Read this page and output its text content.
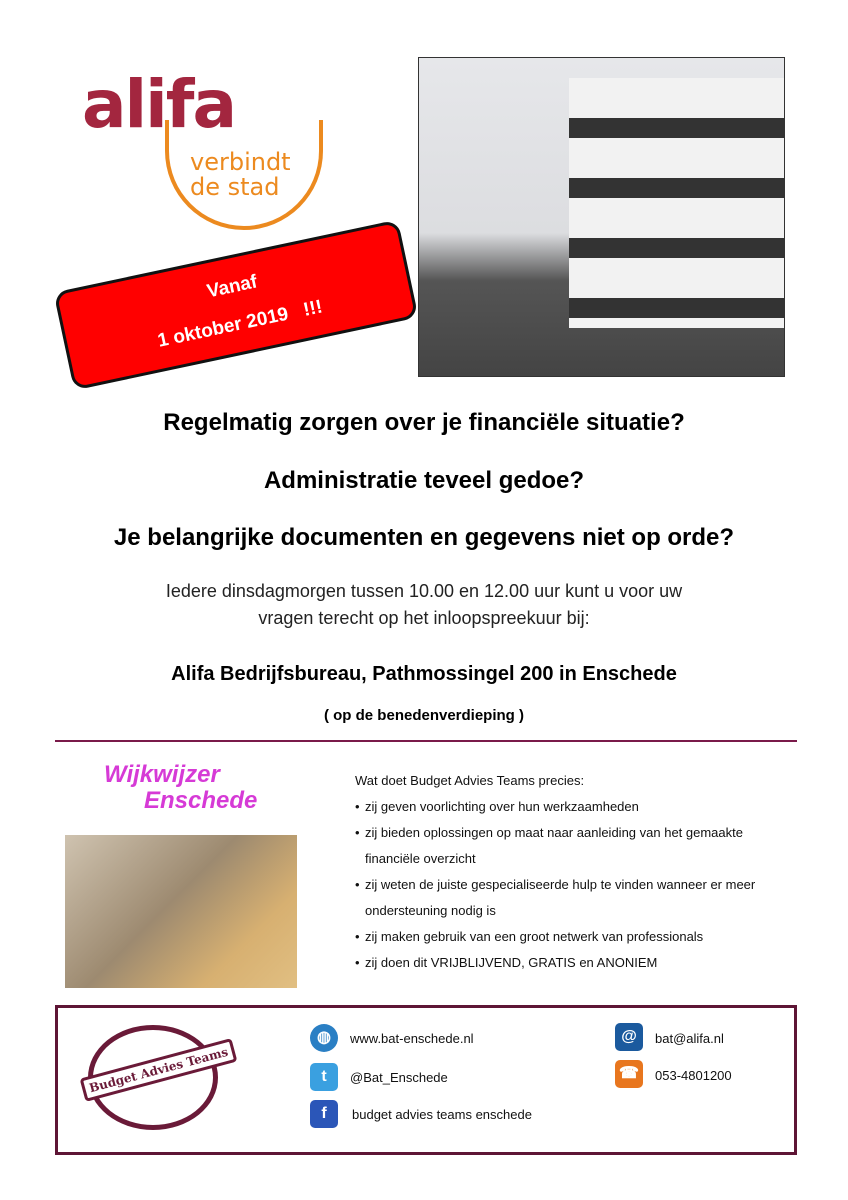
alifa
verbindt
de stad
Vanaf
1 oktober 2019   !!!
Regelmatig zorgen over je financiële situatie?
Administratie teveel gedoe?
Je belangrijke documenten en gegevens niet op orde?
Iedere dinsdagmorgen tussen 10.00 en 12.00 uur kunt u voor uw
vragen terecht op het inloopspreekuur bij:
Alifa Bedrijfsbureau, Pathmossingel 200 in Enschede
( op de benedenverdieping )
Wijkwijzer
Enschede
Wat doet Budget Advies Teams precies:
• zij geven voorlichting over hun werkzaamheden
• zij bieden oplossingen op maat naar aanleiding van het gemaakte
financiële overzicht
• zij weten de juiste gespecialiseerde hulp te vinden wanneer er meer
ondersteuning nodig is
• zij maken gebruik van een groot netwerk van professionals
• zij doen dit VRIJBLIJVEND, GRATIS en ANONIEM
Budget Advies Teams
◍	www.bat-enschede.nl
t	@Bat_Enschede
f	budget advies teams enschede
@	bat@alifa.nl
☎	053-4801200
